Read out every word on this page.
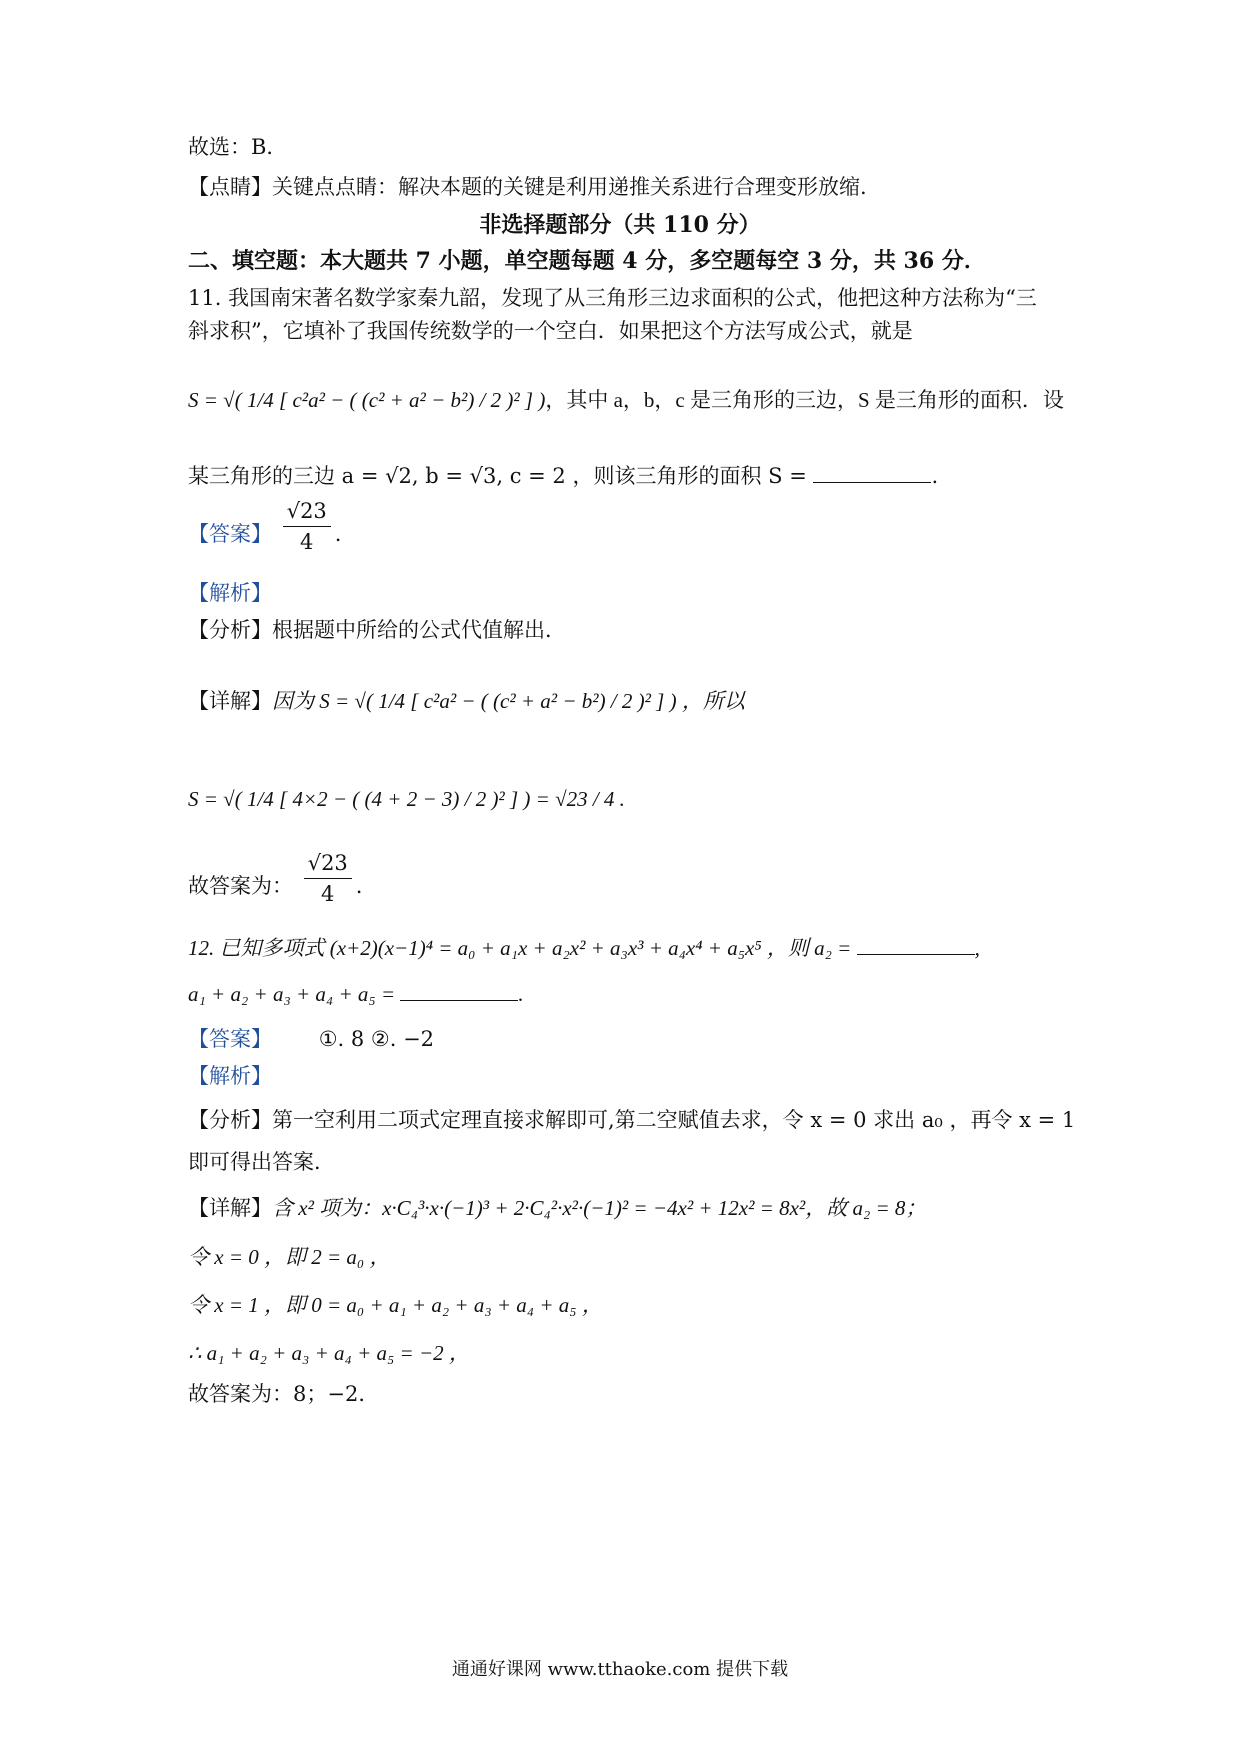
故选：B．
【点睛】关键点点睛：解决本题的关键是利用递推关系进行合理变形放缩.
非选择题部分（共 110 分）
二、填空题：本大题共 7 小题，单空题每题 4 分，多空题每空 3 分，共 36 分．
11. 我国南宋著名数学家秦九韶，发现了从三角形三边求面积的公式，他把这种方法称为“三
斜求积”，它填补了我国传统数学的一个空白．如果把这个方法写成公式，就是
S = √( 1/4 [ c²a² − ( (c² + a² − b²) / 2 )² ] )，其中 a，b，c 是三角形的三边，S 是三角形的面积．设
某三角形的三边 a = √2, b = √3, c = 2 ，则该三角形的面积 S =	.
【答案】 $\frac{√23}{4}$ .
【解析】
【分析】根据题中所给的公式代值解出．
【详解】因为 S = √( 1/4 [ c²a² − ( (c² + a² − b²) / 2 )² ] ) ，所以
S = √( 1/4 [ 4×2 − ( (4 + 2 − 3) / 2 )² ] ) = √23 / 4 .
故答案为： $\frac{√23}{4}$ .
12. 已知多项式 (x+2)(x−1)⁴ = a₀ + a₁x + a₂x² + a₃x³ + a₄x⁴ + a₅x⁵ ，则 a₂ =	,
a₁ + a₂ + a₃ + a₄ + a₅ =	.
【答案】 ①. 8 ②. −2
【解析】
【分析】第一空利用二项式定理直接求解即可,第二空赋值去求，令 x = 0 求出 a₀ ，再令 x = 1
即可得出答案．
【详解】含 x² 项为：x·C₄³·x·(−1)³ + 2·C₄²·x²·(−1)² = −4x² + 12x² = 8x²，故 a₂ = 8；
令 x = 0 ，即 2 = a₀ ，
令 x = 1 ，即 0 = a₀ + a₁ + a₂ + a₃ + a₄ + a₅ ，
∴ a₁ + a₂ + a₃ + a₄ + a₅ = −2 ，
故答案为：8；−2．
通通好课网 www.tthaoke.com 提供下载
